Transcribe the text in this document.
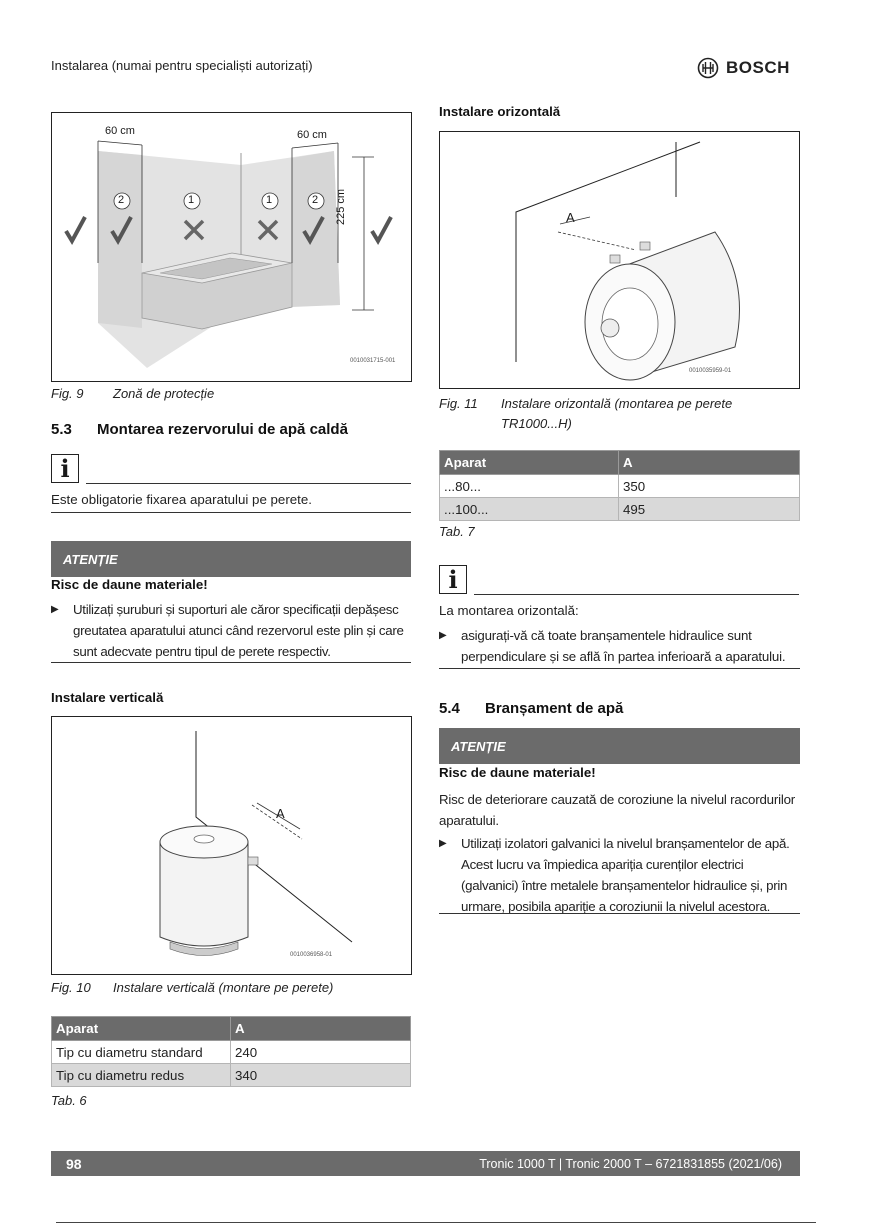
Instalarea (numai pentru specialiști autorizați)	BOSCH
60 cm	60 cm
225 cm
2	1	1	2
0010031715-001
Fig. 9 Zonă de protecție
5.3 Montarea rezervorului de apă caldă
i
Este obligatorie fixarea aparatului pe perete.
ATENȚIE
Risc de daune materiale!
▶	Utilizați șuruburi și suporturi ale căror specificații depășesc greutatea aparatului atunci când rezervorul este plin și care sunt adecvate pentru tipul de perete respectiv.
Instalare verticală
A
0010036958-01
Fig. 10 Instalare verticală (montare pe perete)
Aparat	A
Tip cu diametru standard	240
Tip cu diametru redus	340
Tab. 6
Instalare orizontală
A
0010035959-01
Fig. 11 Instalare orizontală (montarea pe perete
TR1000...H)
Aparat	A
...80...	350
...100...	495
Tab. 7
i
La montarea orizontală:
▶	asigurați-vă că toate branșamentele hidraulice sunt perpendiculare și se află în partea inferioară a aparatului.
5.4 Branșament de apă
ATENȚIE
Risc de daune materiale!
Risc de deteriorare cauzată de coroziune la nivelul racordurilor aparatului.
▶	Utilizați izolatori galvanici la nivelul branșamentelor de apă. Acest lucru va împiedica apariția curenților electrici (galvanici) între metalele branșamentelor hidraulice și, prin urmare, posibila apariție a coroziunii la nivelul acestora.
98	Tronic 1000 T | Tronic 2000 T – 6721831855 (2021/06)
